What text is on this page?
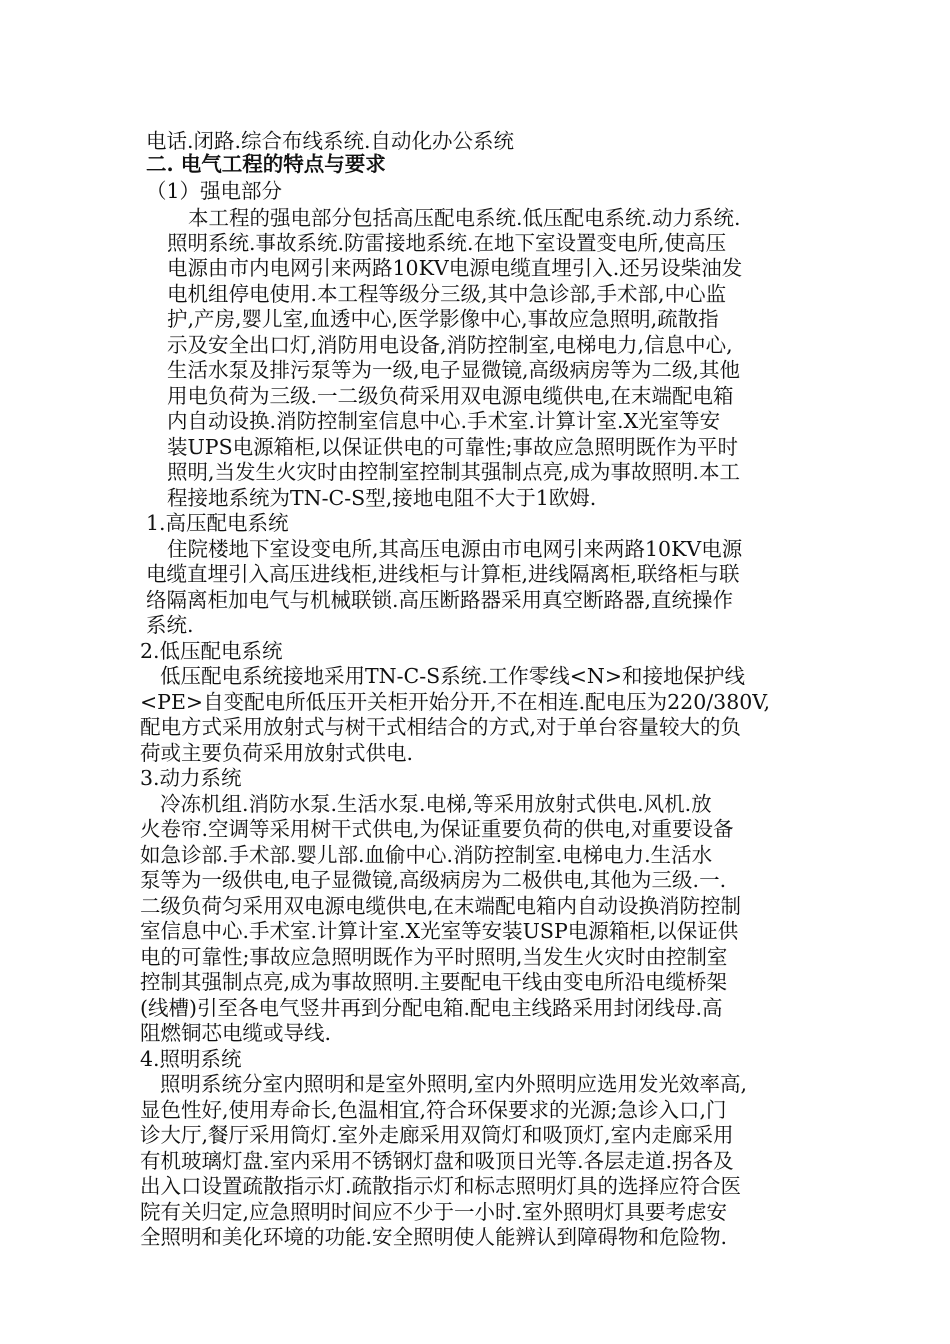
电话.闭路.综合布线系统.自动化办公系统

二. 电气工程的特点与要求

（1）强电部分

本工程的强电部分包括高压配电系统.低压配电系统.动力系统.

照明系统.事故系统.防雷接地系统.在地下室设置变电所,使高压

电源由市内电网引来两路10KV电源电缆直埋引入.还另设柴油发

电机组停电使用.本工程等级分三级,其中急诊部,手术部,中心监

护,产房,婴儿室,血透中心,医学影像中心,事故应急照明,疏散指

示及安全出口灯,消防用电设备,消防控制室,电梯电力,信息中心,

生活水泵及排污泵等为一级,电子显微镜,高级病房等为二级,其他

用电负荷为三级.一二级负荷采用双电源电缆供电,在末端配电箱

内自动设换.消防控制室信息中心.手术室.计算计室.X光室等安

装UPS电源箱柜,以保证供电的可靠性;事故应急照明既作为平时

照明,当发生火灾时由控制室控制其强制点亮,成为事故照明.本工

程接地系统为TN-C-S型,接地电阻不大于1欧姆.

1.高压配电系统

住院楼地下室设变电所,其高压电源由市电网引来两路10KV电源

电缆直埋引入高压进线柜,进线柜与计算柜,进线隔离柜,联络柜与联

络隔离柜加电气与机械联锁.高压断路器采用真空断路器,直统操作

系统.

2.低压配电系统

低压配电系统接地采用TN-C-S系统.工作零线<N>和接地保护线

<PE>自变配电所低压开关柜开始分开,不在相连.配电压为220/380V,

配电方式采用放射式与树干式相结合的方式,对于单台容量较大的负

荷或主要负荷采用放射式供电.

3.动力系统

冷冻机组.消防水泵.生活水泵.电梯,等采用放射式供电.风机.放

火卷帘.空调等采用树干式供电,为保证重要负荷的供电,对重要设备

如急诊部.手术部.婴儿部.血偷中心.消防控制室.电梯电力.生活水

泵等为一级供电,电子显微镜,高级病房为二极供电,其他为三级.一.

二级负荷匀采用双电源电缆供电,在末端配电箱内自动设换消防控制

室信息中心.手术室.计算计室.X光室等安装USP电源箱柜,以保证供

电的可靠性;事故应急照明既作为平时照明,当发生火灾时由控制室

控制其强制点亮,成为事故照明.主要配电干线由变电所沿电缆桥架

(线槽)引至各电气竖井再到分配电箱.配电主线路采用封闭线母.高

阻燃铜芯电缆或导线.

4.照明系统

照明系统分室内照明和是室外照明,室内外照明应选用发光效率高,

显色性好,使用寿命长,色温相宜,符合环保要求的光源;急诊入口,门

诊大厅,餐厅采用筒灯.室外走廊采用双筒灯和吸顶灯,室内走廊采用

有机玻璃灯盘.室内采用不锈钢灯盘和吸顶日光等.各层走道.拐各及

出入口设置疏散指示灯.疏散指示灯和标志照明灯具的选择应符合医

院有关归定,应急照明时间应不少于一小时.室外照明灯具要考虑安

全照明和美化环境的功能.安全照明使人能辨认到障碍物和危险物.
